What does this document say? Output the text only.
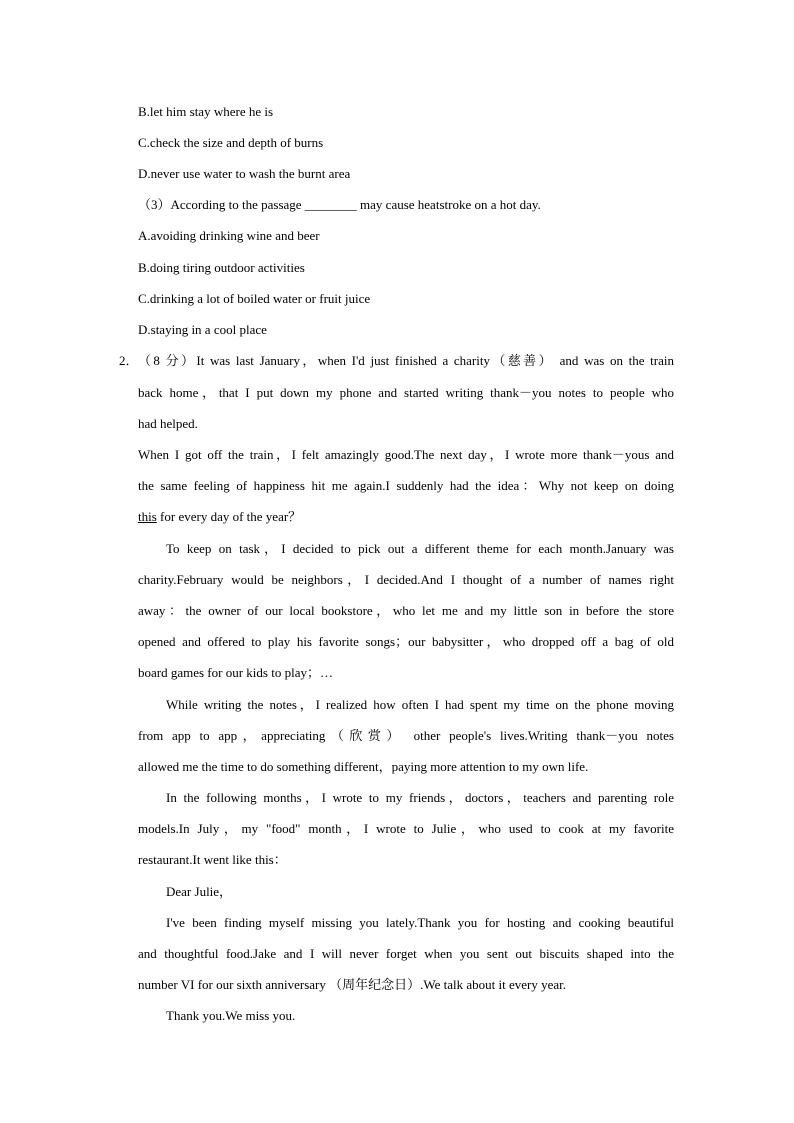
B.let him stay where he is
C.check the size and depth of burns
D.never use water to wash the burnt area
（3）According to the passage ________ may cause heatstroke on a hot day.
A.avoiding drinking wine and beer
B.doing tiring outdoor activities
C.drinking a lot of boiled water or fruit juice
D.staying in a cool place
2． （8 分）It was last January，when I'd just finished a charity（慈善） and was on the train
back home，that I put down my phone and started writing thank－you notes to people who
had helped.
When I got off the train，I felt amazingly good.The next day，I wrote more thank－yous and
the same feeling of happiness hit me again.I suddenly had the idea：Why not keep on doing
this for every day of the year？
To keep on task，I decided to pick out a different theme for each month.January was
charity.February would be neighbors，I decided.And I thought of a number of names right
away：the owner of our local bookstore，who let me and my little son in before the store
opened and offered to play his favorite songs；our babysitter，who dropped off a bag of old
board games for our kids to play；…
While writing the notes，I realized how often I had spent my time on the phone moving
from app to app，appreciating（欣赏） other people's lives.Writing thank－you notes
allowed me the time to do something different，paying more attention to my own life.
In the following months，I wrote to my friends，doctors，teachers and parenting role
models.In July，my "food" month，I wrote to Julie，who used to cook at my favorite
restaurant.It went like this：
Dear Julie，
I've been finding myself missing you lately.Thank you for hosting and cooking beautiful
and thoughtful food.Jake and I will never forget when you sent out biscuits shaped into the
number VI for our sixth anniversary （周年纪念日）.We talk about it every year.
Thank you.We miss you.
